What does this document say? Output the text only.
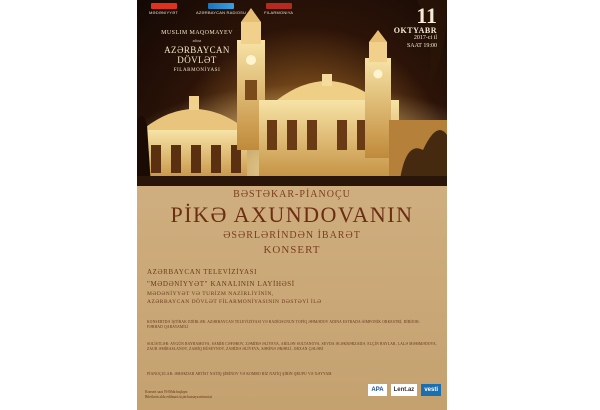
MƏDƏNİYYƏT	AZƏRBAYCAN RADIOSU	FILARMONIYA
MUSLIM MAQOMAYEV
adına
AZƏRBAYCAN DÖVLƏT
FILARMONİYASI
11
OKTYABR
2017-ci il
SAAT 19:00
BƏSTƏKAR-PİANOÇU
PİKƏ AXUNDOVANIN
ƏSƏRLƏRİNDƏN İBARƏT
KONSERT
AZƏRBAYCAN TELEVİZİYASI
"MƏDƏNİYYƏT" KANALININ LAYİHƏSİ
MƏDƏNİYYƏT VƏ TURİZM NAZİRLİYİNİN,
AZƏRBAYCAN DÖVLƏT FİLARMONİYASININ DƏSTƏYİ İLƏ
KONSERTDƏ İŞTİRAK EDİRLƏR: AZƏRBAYCAN TELEVİZİYASI VƏ RADİOSUNUN TOFİQ ƏHMƏDOV ADINA ESTRADA-SİMFONİK ORKESTRİ, DİRİJOR: FƏRHAD QARAYAMİLİ
SOLİSTLƏR: AYGÜN BAYRAMOVA, SAMİR CƏFƏROV, ZƏMİRƏ ƏLİYEVA, ARİLƏN SOLTANOVA, SEVDA ƏLƏKBƏRZADƏ, ELÇİN BAYLAR, LALƏ MƏMMƏDOVA, ZAUR ƏMİRASLANOV, ZAMİQ HÜSEYNOV, ZAHİDƏ ƏLİYEVA, SƏBİNƏ ƏRƏBLİ, ORXAN ÇƏLƏBİ
PİANOÇULAR: ƏMƏKDAR ARTİST NATİQ ŞİRİNOV VƏ KOMBO RİZ NATİQ ŞİRİN QRUPU VƏ XƏYYAM
Konsert saat 19:00da başlayır.
Biletlərin əldə edilməsi üçün kassaya müraciət
APA	Lent.az	vesti
